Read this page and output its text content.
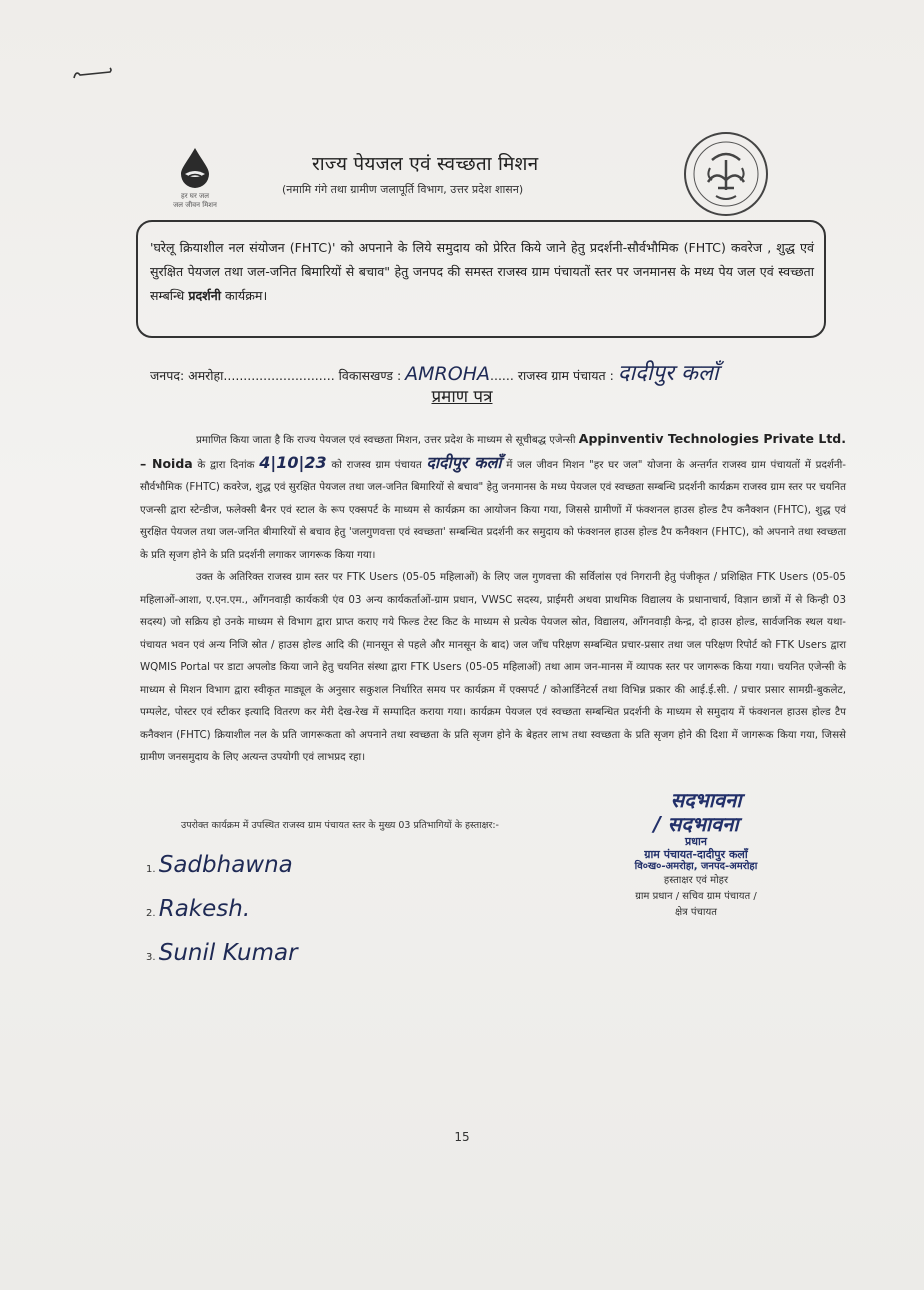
हर घर जल
जल जीवन मिशन
राज्य पेयजल एवं स्वच्छता मिशन
(नमामि गंगे तथा ग्रामीण जलापूर्ति विभाग, उत्तर प्रदेश शासन)
'घरेलू क्रियाशील नल संयोजन (FHTC)' को अपनाने के लिये समुदाय को प्रेरित किये जाने हेतु प्रदर्शनी-सौर्वभौमिक (FHTC) कवरेज , शुद्ध एवं सुरक्षित पेयजल तथा जल-जनित बिमारियों से बचाव" हेतु जनपद की समस्त राजस्व ग्राम पंचायतों स्तर पर जनमानस के मध्य पेय जल एवं स्वच्छता सम्बन्धि प्रदर्शनी कार्यक्रम।
जनपद: अमरोहा............................ विकासखण्ड : AMROHA...... राजस्व ग्राम पंचायत : दादीपुर कलाँ
प्रमाण पत्र

प्रमाणित किया जाता है कि राज्य पेयजल एवं स्वच्छता मिशन, उत्तर प्रदेश के माध्यम से सूचीबद्ध एजेन्सी Appinventiv Technologies Private Ltd. – Noida के द्वारा दिनांक 4|10|23 को राजस्व ग्राम पंचायत दादीपुर कलाँ में जल जीवन मिशन "हर घर जल" योजना के अन्तर्गत राजस्व ग्राम पंचायतों में प्रदर्शनी-सौर्वभौमिक (FHTC) कवरेज, शुद्ध एवं सुरक्षित पेयजल तथा जल-जनित बिमारियों से बचाव" हेतु जनमानस के मध्य पेयजल एवं स्वच्छता सम्बन्धि प्रदर्शनी कार्यक्रम राजस्व ग्राम स्तर पर चयनित एजन्सी द्वारा स्टेन्डीज, फलेक्सी बैनर एवं स्टाल के रूप एक्सपर्ट के माध्यम से कार्यक्रम का आयोजन किया गया, जिससे ग्रामीणों में फंक्शनल हाउस होल्ड टैप कनैक्शन (FHTC), शुद्ध एवं सुरक्षित पेयजल तथा जल-जनित बीमारियों से बचाव हेतु 'जलगुणवत्ता एवं स्वच्छता' सम्बन्धित प्रदर्शनी कर समुदाय को फंक्शनल हाउस होल्ड टैप कनैक्शन (FHTC), को अपनाने तथा स्वच्छता के प्रति सृजग होने के प्रति प्रदर्शनी लगाकर जागरूक किया गया।

उक्त के अतिरिक्त राजस्व ग्राम स्तर पर FTK Users (05-05 महिलाओं) के लिए जल गुणवत्ता की सर्विलांस एवं निगरानी हेतु पंजीकृत / प्रशिक्षित FTK Users (05-05 महिलाओं-आशा, ए.एन.एम., आँगनवाड़ी कार्यकत्री एंव 03 अन्य कार्यकर्ताओं-ग्राम प्रधान, VWSC सदस्य, प्राईमरी अथवा प्राथमिक विद्यालय के प्रधानाचार्य, विज्ञान छात्रों में से किन्ही 03 सदस्य) जो सक्रिय हो उनके माध्यम से विभाग द्वारा प्राप्त कराए गये फिल्ड टेस्ट किट के माध्यम से प्रत्येक पेयजल स्रोत, विद्यालय, आँगनवाड़ी केन्द्र, दो हाउस होल्ड, सार्वजनिक स्थल यथा-पंचायत भवन एवं अन्य निजि स्रोत / हाउस होल्ड आदि की (मानसून से पहले और मानसून के बाद) जल जाँच परिक्षण सम्बन्धित प्रचार-प्रसार तथा जल परिक्षण रिपोर्ट को FTK Users द्वारा WQMIS Portal पर डाटा अपलोड किया जाने हेतु चयनित संस्था द्वारा FTK Users (05-05 महिलाओं) तथा आम जन-मानस में व्यापक स्तर पर जागरूक किया गया। चयनित एजेन्सी के माध्यम से मिशन विभाग द्वारा स्वीकृत माड्यूल के अनुसार सकुशल निर्धारित समय पर कार्यक्रम में एक्सपर्ट / कोआर्डिनेटर्स तथा विभिन्न प्रकार की आई.ई.सी. / प्रचार प्रसार सामग्री-बुकलेट, पम्पलेट, पोस्टर एवं स्टीकर इत्यादि वितरण कर मेरी देख-रेख में सम्पादित कराया गया। कार्यक्रम पेयजल एवं स्वच्छता सम्बन्धित प्रदर्शनी के माध्यम से समुदाय में फंक्शनल हाउस होल्ड टैप कनैक्शन (FHTC) क्रियाशील नल के प्रति जागरूकता को अपनाने तथा स्वच्छता के प्रति सृजग होने के बेहतर लाभ तथा स्वच्छता के प्रति सृजग होने की दिशा में जागरूक किया गया, जिससे ग्रामीण जनसमुदाय के लिए अत्यन्त उपयोगी एवं लाभप्रद रहा।

उपरोक्त कार्यक्रम में उपस्थित राजस्व ग्राम पंचायत स्तर के मुख्य 03 प्रतिभागियों के हस्ताक्षर:-
सदभावना
/ सदभावना
प्रधान
ग्राम पंचायत-दादीपुर कलाँ
वि०ख०-अमरोहा, जनपद-अमरोहा
हस्ताक्षर एवं मोहर
ग्राम प्रधान / सचिव ग्राम पंचायत /
क्षेत्र पंचायत
1. Sadbhawna
2. Rakesh.
3. Sunil Kumar
15
